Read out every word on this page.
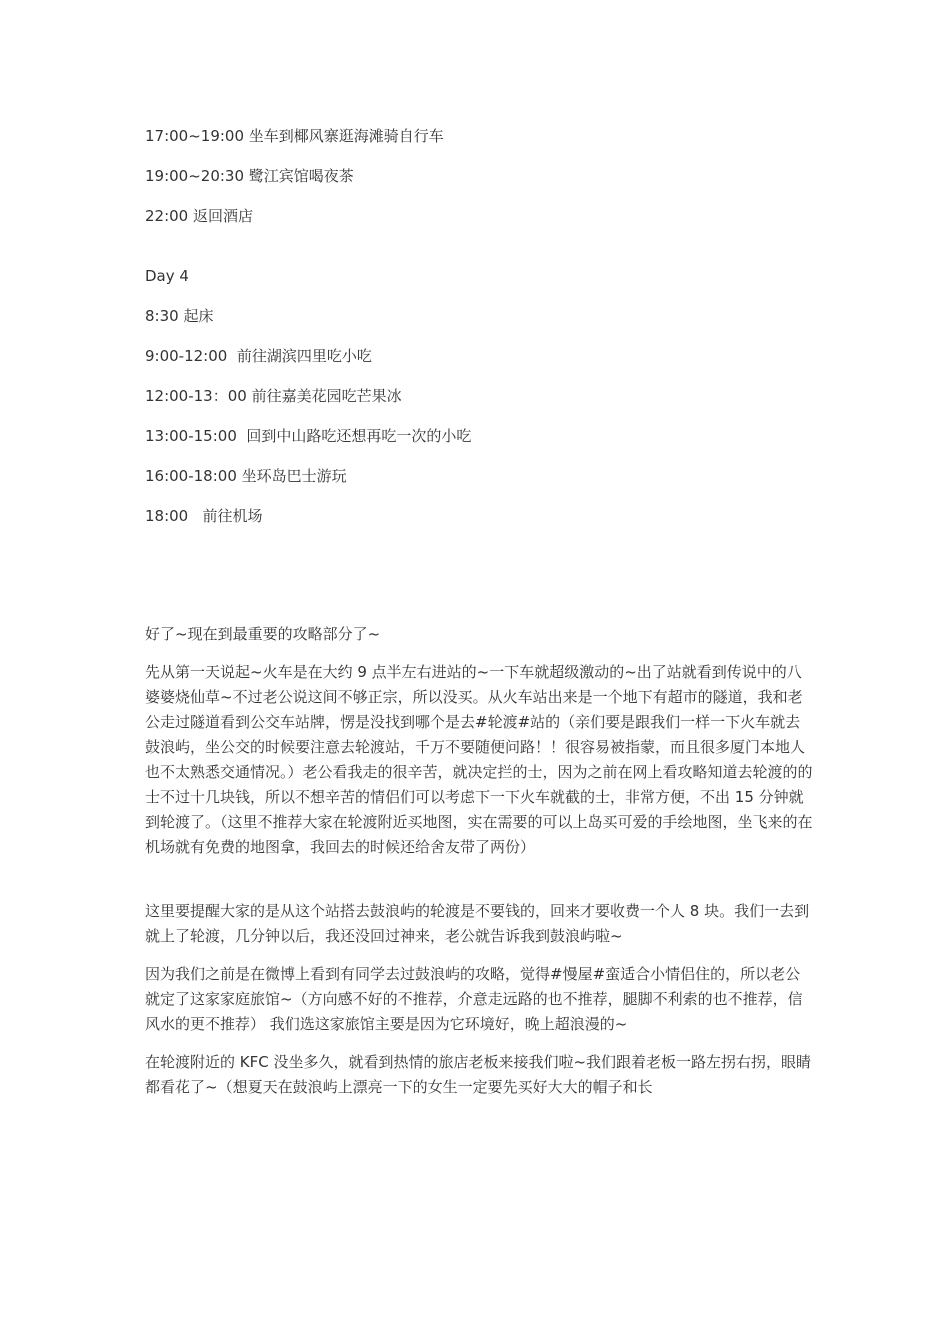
17:00~19:00 坐车到椰风寨逛海滩骑自行车

19:00~20:30 鹭江宾馆喝夜茶

22:00 返回酒店

Day 4

8:30 起床

9:00-12:00  前往湖滨四里吃小吃

12:00-13：00 前往嘉美花园吃芒果冰

13:00-15:00  回到中山路吃还想再吃一次的小吃

16:00-18:00 坐环岛巴士游玩

18:00   前往机场

好了~现在到最重要的攻略部分了~

先从第一天说起~火车是在大约 9 点半左右进站的~一下车就超级激动的~出了站就看到传说中的八婆婆烧仙草~不过老公说这间不够正宗，所以没买。从火车站出来是一个地下有超市的隧道，我和老公走过隧道看到公交车站牌，愣是没找到哪个是去#轮渡#站的（亲们要是跟我们一样一下火车就去鼓浪屿，坐公交的时候要注意去轮渡站，千万不要随便问路！！很容易被指蒙，而且很多厦门本地人也不太熟悉交通情况。）老公看我走的很辛苦，就决定拦的士，因为之前在网上看攻略知道去轮渡的的士不过十几块钱，所以不想辛苦的情侣们可以考虑下一下火车就截的士，非常方便，不出 15 分钟就到轮渡了。（这里不推荐大家在轮渡附近买地图，实在需要的可以上岛买可爱的手绘地图，坐飞来的在机场就有免费的地图拿，我回去的时候还给舍友带了两份）

这里要提醒大家的是从这个站搭去鼓浪屿的轮渡是不要钱的，回来才要收费一个人 8 块。我们一去到就上了轮渡，几分钟以后，我还没回过神来，老公就告诉我到鼓浪屿啦~

因为我们之前是在微博上看到有同学去过鼓浪屿的攻略，觉得#慢屋#蛮适合小情侣住的，所以老公就定了这家家庭旅馆~（方向感不好的不推荐，介意走远路的也不推荐，腿脚不利索的也不推荐，信风水的更不推荐） 我们选这家旅馆主要是因为它环境好，晚上超浪漫的~

在轮渡附近的 KFC 没坐多久，就看到热情的旅店老板来接我们啦~我们跟着老板一路左拐右拐，眼睛都看花了~（想夏天在鼓浪屿上漂亮一下的女生一定要先买好大大的帽子和长
